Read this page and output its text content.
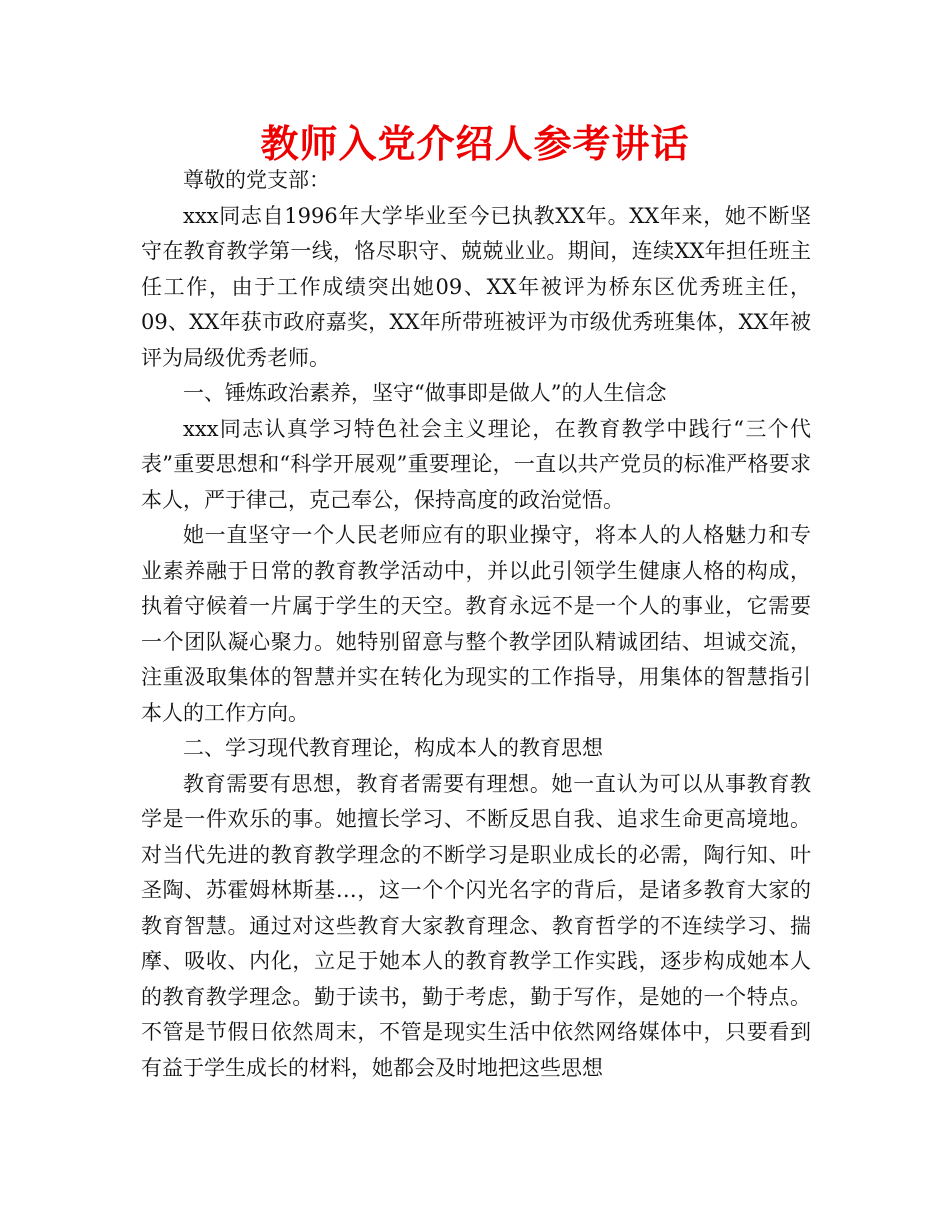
教师入党介绍人参考讲话

尊敬的党支部：

xxx同志自1996年大学毕业至今已执教XX年。XX年来，她不断坚守在教育教学第一线，恪尽职守、兢兢业业。期间，连续XX年担任班主任工作，由于工作成绩突出她09、XX年被评为桥东区优秀班主任，09、XX年获市政府嘉奖，XX年所带班被评为市级优秀班集体，XX年被评为局级优秀老师。

一、锤炼政治素养，坚守“做事即是做人”的人生信念

xxx同志认真学习特色社会主义理论，在教育教学中践行“三个代表”重要思想和“科学开展观”重要理论，一直以共产党员的标准严格要求本人，严于律己，克己奉公，保持高度的政治觉悟。

她一直坚守一个人民老师应有的职业操守，将本人的人格魅力和专业素养融于日常的教育教学活动中，并以此引领学生健康人格的构成，执着守候着一片属于学生的天空。教育永远不是一个人的事业，它需要一个团队凝心聚力。她特别留意与整个教学团队精诚团结、坦诚交流，注重汲取集体的智慧并实在转化为现实的工作指导，用集体的智慧指引本人的工作方向。

二、学习现代教育理论，构成本人的教育思想

教育需要有思想，教育者需要有理想。她一直认为可以从事教育教学是一件欢乐的事。她擅长学习、不断反思自我、追求生命更高境地。对当代先进的教育教学理念的不断学习是职业成长的必需，陶行知、叶圣陶、苏霍姆林斯基…，这一个个闪光名字的背后，是诸多教育大家的教育智慧。通过对这些教育大家教育理念、教育哲学的不连续学习、揣摩、吸收、内化，立足于她本人的教育教学工作实践，逐步构成她本人的教育教学理念。勤于读书，勤于考虑，勤于写作，是她的一个特点。不管是节假日依然周末，不管是现实生活中依然网络媒体中，只要看到有益于学生成长的材料，她都会及时地把这些思想
